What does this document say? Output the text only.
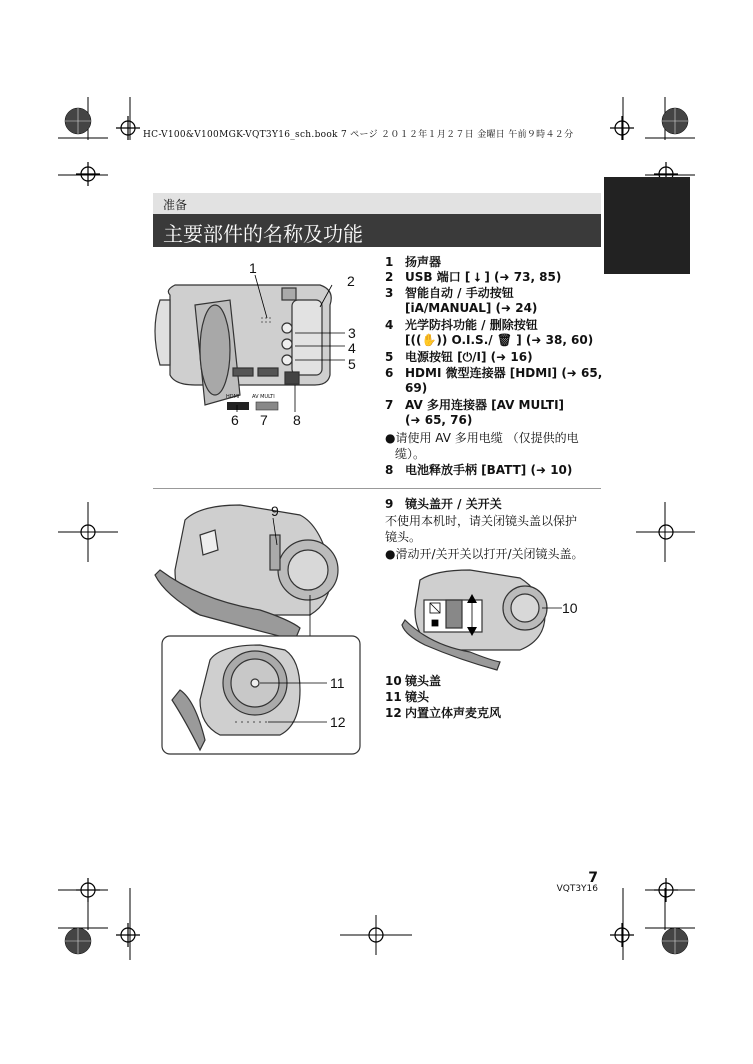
HC-V100&V100MGK-VQT3Y16_sch.book 7 ページ ２０１２年１月２７日 金曜日 午前９時４２分
准备
主要部件的名称及功能
1
2
3
4
5
6 7 8
HDMI	AV MULTI
1 扬声器
2 USB 端口 [ ⭣ ] (➜ 73, 85)
3 智能自动 / 手动按钮
[iA/MANUAL] (➜ 24)
4 光学防抖功能 / 删除按钮
[((✋)) O.I.S./ 🗑 ] (➜ 38, 60)
5 电源按钮 [⏻/I] (➜ 16)
6 HDMI 微型连接器 [HDMI] (➜ 65,
69)
7 AV 多用连接器 [AV MULTI]
(➜ 65, 76)
●请使用 AV 多用电缆 （仅提供的电
缆）。
8 电池释放手柄 [BATT] (➜ 10)
9
10
11
12
9 镜头盖开 / 关开关
不使用本机时，请关闭镜头盖以保护
镜头。
●滑动开/关开关以打开/关闭镜头盖。
10 镜头盖
11 镜头
12 内置立体声麦克风
7
VQT3Y16
